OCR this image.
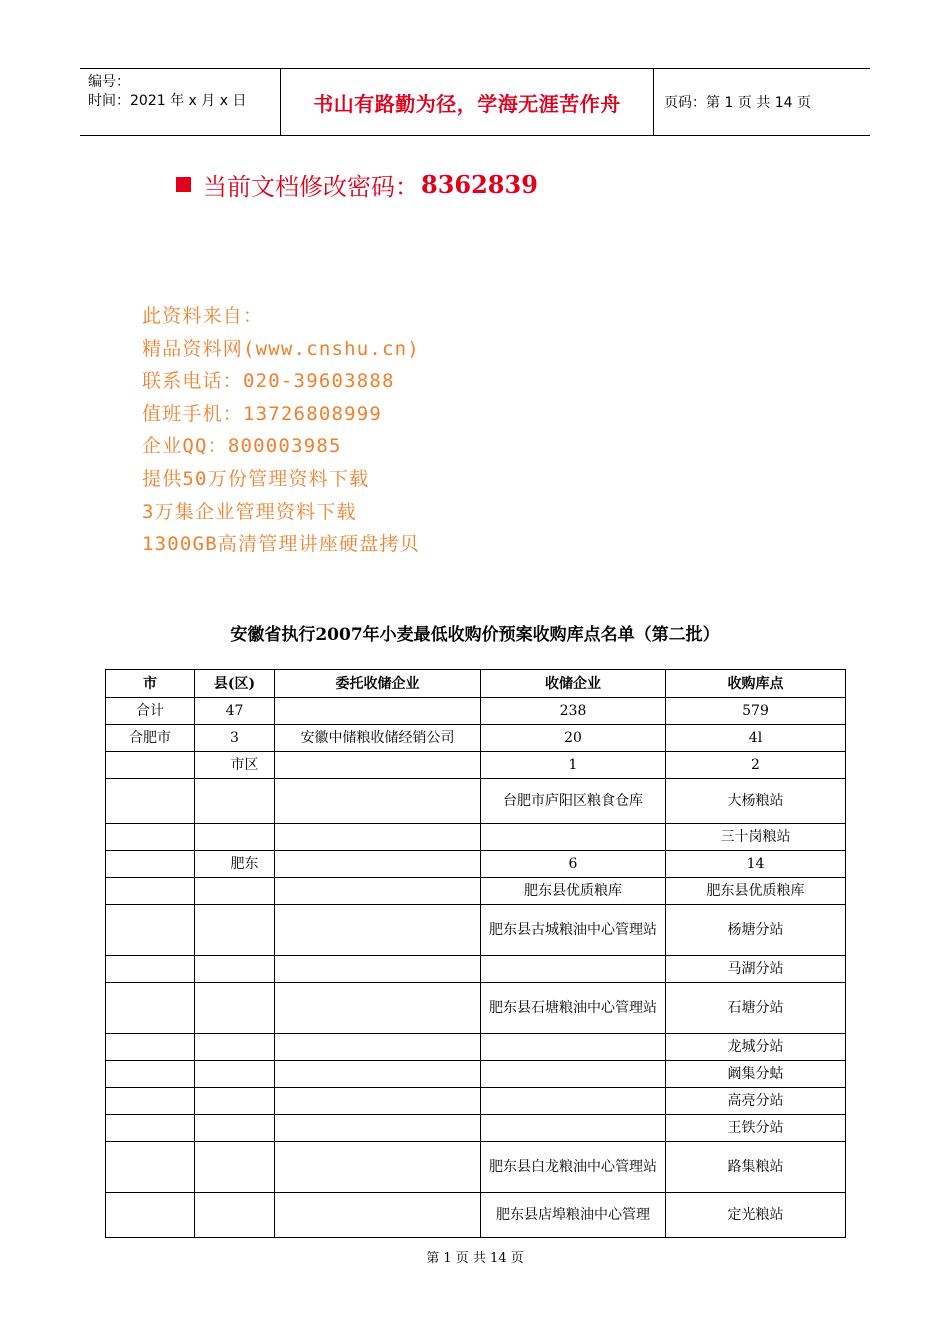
编号：
时间：2021 年 x 月 x 日	书山有路勤为径，学海无涯苦作舟	页码：第 1 页 共 14 页
当前文档修改密码： 8362839
此资料来自：
精品资料网(www.cnshu.cn)
联系电话：020-39603888
值班手机：13726808999
企业QQ：800003985
提供50万份管理资料下载
3万集企业管理资料下载
1300GB高清管理讲座硬盘拷贝
安徽省执行2007年小麦最低收购价预案收购库点名单（第二批）
市	县(区)	委托收储企业	收储企业	收购库点
合计	47		238	579
合肥市	3	安徽中储粮收储经销公司	20	4l
	市区		1	2
			台肥市庐阳区粮食仓库	大杨粮站
				三十岗粮站
	肥东		6	14
			肥东县优质粮库	肥东县优质粮库
			肥东县古城粮油中心管理站	杨塘分站
				马湖分站
			肥东县石塘粮油中心管理站	石塘分站
				龙城分站
				阚集分蛄
				高亮分站
				王铁分站
			肥东县白龙粮油中心管理站	路集粮站
			肥东县店埠粮油中心管理	定光粮站
第 1 页 共 14 页
